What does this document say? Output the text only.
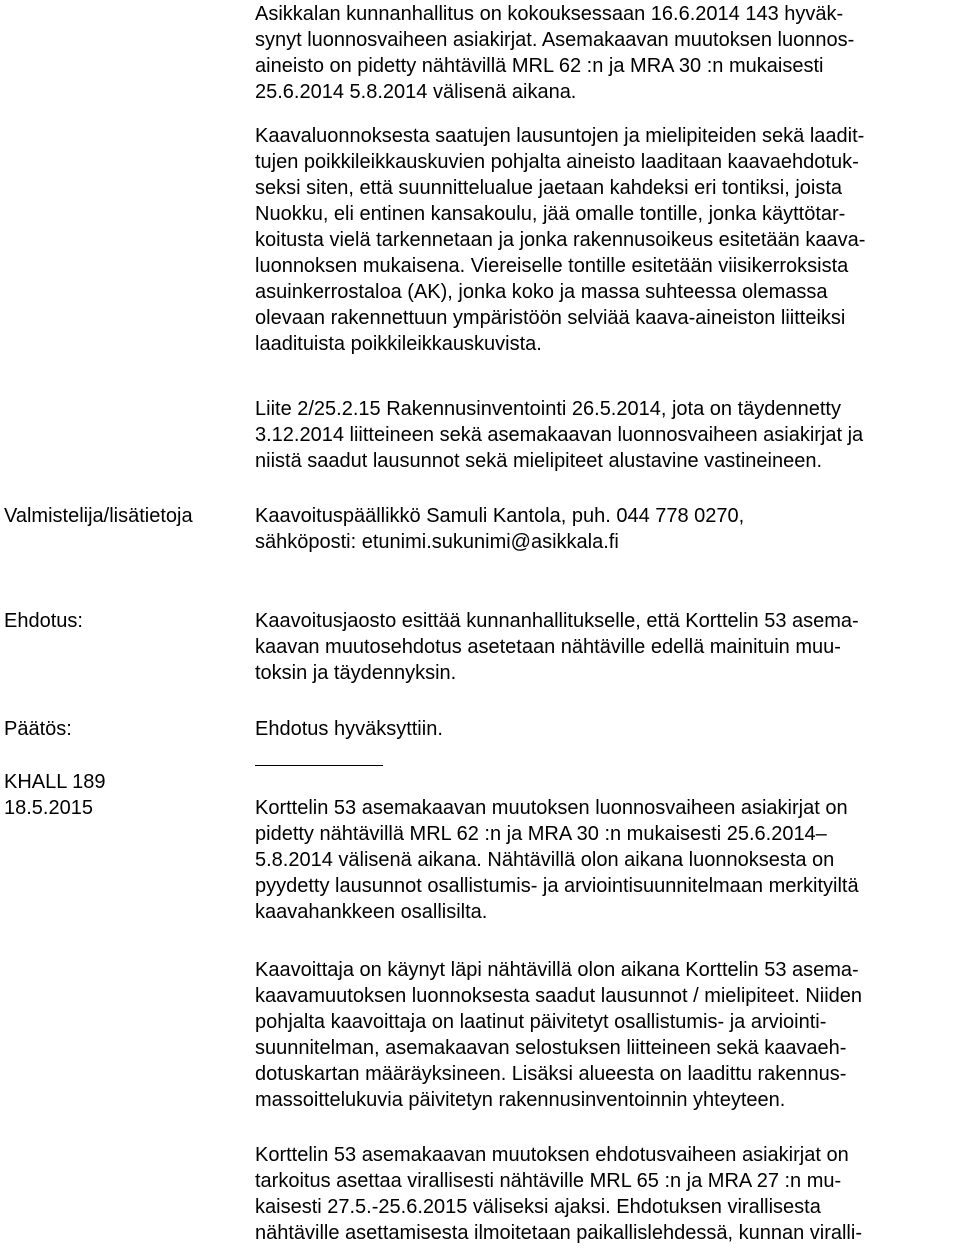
Asikkalan kunnanhallitus on kokouksessaan 16.6.2014 143 hyväk-
synyt luonnosvaiheen asiakirjat. Asemakaavan muutoksen luonnos-
aineisto on pidetty nähtävillä MRL 62 :n ja MRA 30 :n mukaisesti
25.6.2014 5.8.2014 välisenä aikana.
Kaavaluonnoksesta saatujen lausuntojen ja mielipiteiden sekä laadit-
tujen poikkileikkauskuvien pohjalta aineisto laaditaan kaavaehdotuk-
seksi siten, että suunnittelualue jaetaan kahdeksi eri tontiksi, joista
Nuokku, eli entinen kansakoulu, jää omalle tontille, jonka käyttötar-
koitusta vielä tarkennetaan ja jonka rakennusoikeus esitetään kaava-
luonnoksen mukaisena. Viereiselle tontille esitetään viisikerroksista
asuinkerrostaloa (AK), jonka koko ja massa suhteessa olemassa
olevaan rakennettuun ympäristöön selviää kaava-aineiston liitteiksi
laadituista poikkileikkauskuvista.
Liite 2/25.2.15 Rakennusinventointi 26.5.2014, jota on täydennetty
3.12.2014 liitteineen sekä asemakaavan luonnosvaiheen asiakirjat ja
niistä saadut lausunnot sekä mielipiteet alustavine vastineineen.
Valmistelija/lisätietoja	Kaavoituspäällikkö Samuli Kantola, puh. 044 778 0270,
sähköposti: etunimi.sukunimi@asikkala.fi
Ehdotus:	Kaavoitusjaosto esittää kunnanhallitukselle, että Korttelin 53 asema-
kaavan muutosehdotus asetetaan nähtäville edellä mainituin muu-
toksin ja täydennyksin.
Päätös:	Ehdotus hyväksyttiin.
KHALL 189
18.5.2015	Korttelin 53 asemakaavan muutoksen luonnosvaiheen asiakirjat on
pidetty nähtävillä MRL 62 :n ja MRA 30 :n mukaisesti 25.6.2014–
5.8.2014 välisenä aikana. Nähtävillä olon aikana luonnoksesta on
pyydetty lausunnot osallistumis- ja arviointisuunnitelmaan merkityiltä
kaavahankkeen osallisilta.
Kaavoittaja on käynyt läpi nähtävillä olon aikana Korttelin 53 asema-
kaavamuutoksen luonnoksesta saadut lausunnot / mielipiteet. Niiden
pohjalta kaavoittaja on laatinut päivitetyt osallistumis- ja arviointi-
suunnitelman, asemakaavan selostuksen liitteineen sekä kaavaeh-
dotuskartan määräyksineen. Lisäksi alueesta on laadittu rakennus-
massoittelukuvia päivitetyn rakennusinventoinnin yhteyteen.
Korttelin 53 asemakaavan muutoksen ehdotusvaiheen asiakirjat on
tarkoitus asettaa virallisesti nähtäville MRL 65 :n ja MRA 27 :n mu-
kaisesti 27.5.-25.6.2015 väliseksi ajaksi. Ehdotuksen virallisesta
nähtäville asettamisesta ilmoitetaan paikallislehdessä, kunnan viralli-
